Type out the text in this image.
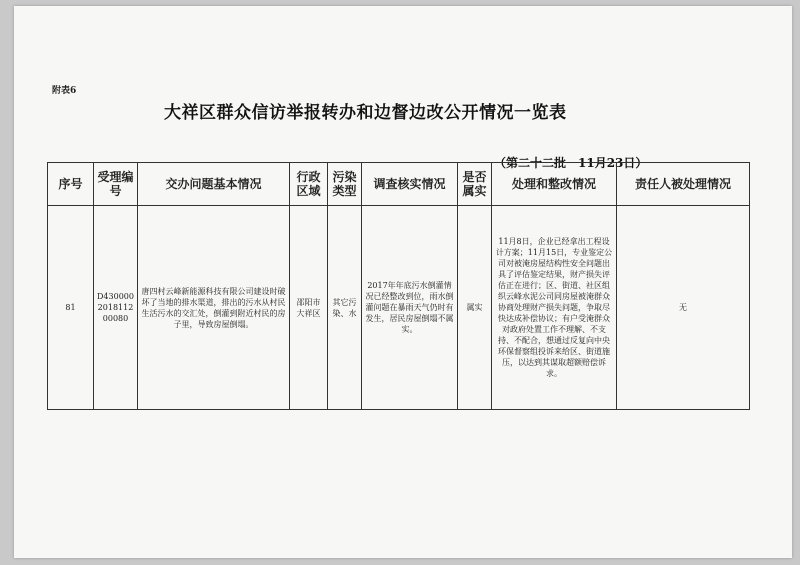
附表6
大祥区群众信访举报转办和边督边改公开情况一览表
（第二十二批　11月23日）
序号	受理编号	交办问题基本情况	行政区域	污染类型	调查核实情况	是否属实	处理和整改情况	责任人被处理情况
81	D430000201811200080	唐四村云峰新能源科技有限公司建设时破坏了当地的排水渠道，排出的污水从村民生活污水的交汇处，倒灌到附近村民的房子里，导致房屋倒塌。	邵阳市大祥区	其它污染、水	2017年年底污水倒灌情况已经整改到位，雨水倒灌问题在暴雨天气仍时有发生，居民房屋倒塌不属实。	属实	11月8日，企业已经拿出工程设计方案；11月15日，专业鉴定公司对被淹房屋结构性安全问题出具了评估鉴定结果，财产损失评估正在进行；区、街道、社区组织云峰水泥公司同房屋被淹群众协商处理财产损失问题，争取尽快达成补偿协议；有户受淹群众对政府处置工作不理解、不支持、不配合，想通过反复向中央环保督察组投诉来给区、街道施压，以达到其谋取超额赔偿诉求。	无
